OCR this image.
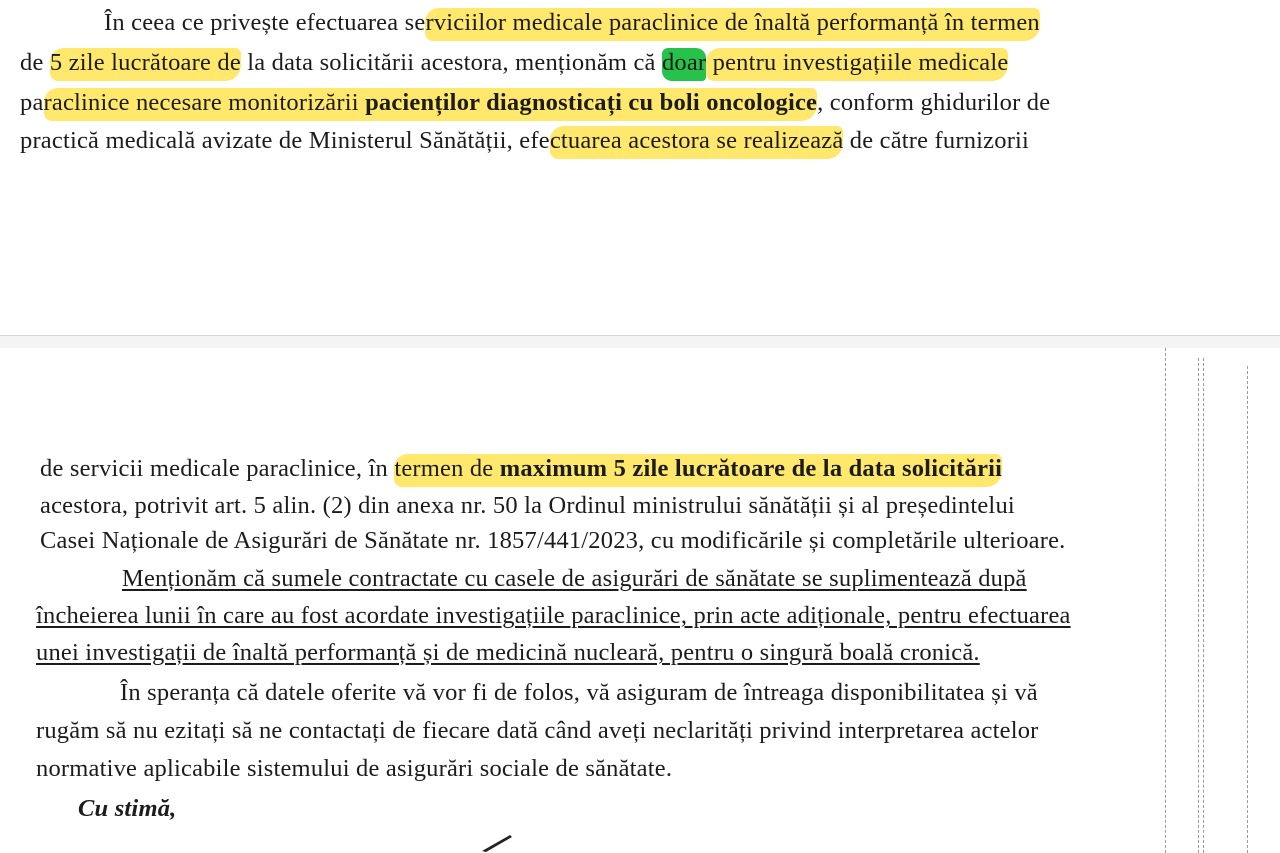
În ceea ce privește efectuarea serviciilor medicale paraclinice de înaltă performanță în termen
de 5 zile lucrătoare de la data solicitării acestora, menționăm că doar pentru investigațiile medicale
paraclinice necesare monitorizării pacienților diagnosticați cu boli oncologice, conform ghidurilor de
practică medicală avizate de Ministerul Sănătății, efectuarea acestora se realizează de către furnizorii
de servicii medicale paraclinice, în termen de maximum 5 zile lucrătoare de la data solicitării
acestora, potrivit art. 5 alin. (2) din anexa nr. 50 la Ordinul ministrului sănătății și al președintelui
Casei Naționale de Asigurări de Sănătate nr. 1857/441/2023, cu modificările și completările ulterioare.
Menționăm că sumele contractate cu casele de asigurări de sănătate se suplimentează după
încheierea lunii în care au fost acordate investigațiile paraclinice, prin acte adiționale, pentru efectuarea
unei investigații de înaltă performanță și de medicină nucleară, pentru o singură boală cronică.
În speranța că datele oferite vă vor fi de folos, vă asiguram de întreaga disponibilitatea și vă
rugăm să nu ezitați să ne contactați de fiecare dată când aveți neclarități privind interpretarea actelor
normative aplicabile sistemului de asigurări sociale de sănătate.
Cu stimă,
